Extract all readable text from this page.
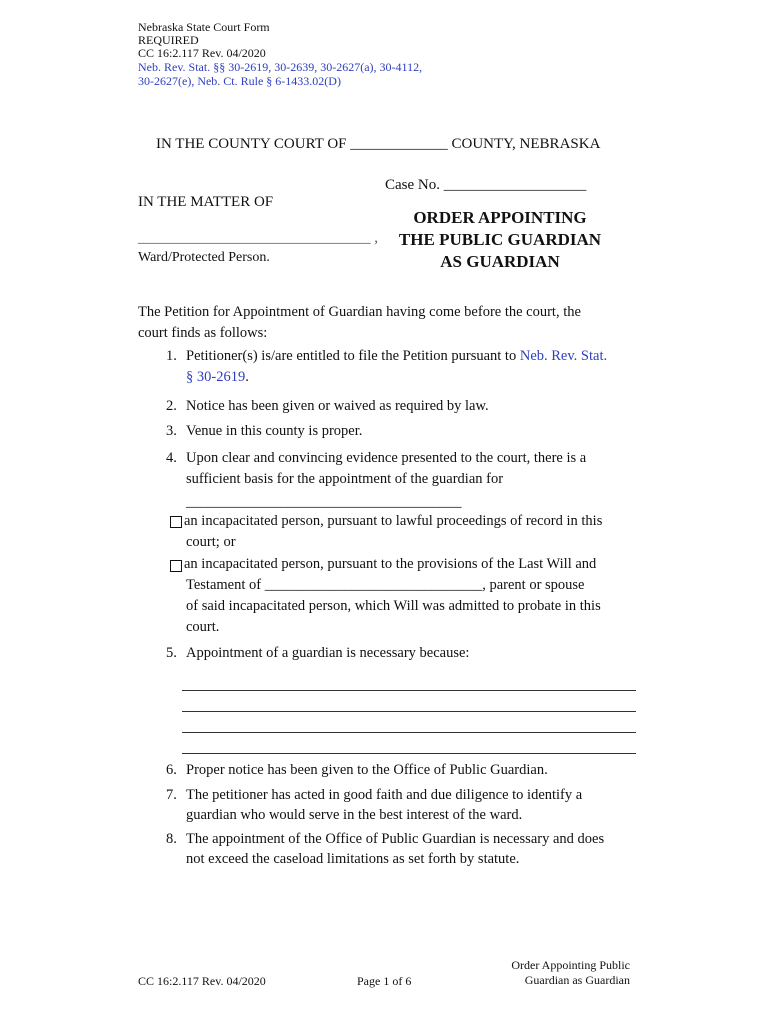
Nebraska State Court Form
REQUIRED
CC 16:2.117 Rev. 04/2020
Neb. Rev. Stat. §§ 30-2619, 30-2639, 30-2627(a), 30-4112,
30-2627(e), Neb. Ct. Rule § 6-1433.02(D)
IN THE COUNTY COURT OF _____________ COUNTY, NEBRASKA
Case No. ___________________
IN THE MATTER OF
_______________________________ ,
Ward/Protected Person.
ORDER APPOINTING
THE PUBLIC GUARDIAN
AS GUARDIAN
The Petition for Appointment of Guardian having come before the court, the
court finds as follows:
1. Petitioner(s) is/are entitled to file the Petition pursuant to Neb. Rev. Stat.
§ 30-2619.
2. Notice has been given or waived as required by law.
3. Venue in this county is proper.
4. Upon clear and convincing evidence presented to the court, there is a
sufficient basis for the appointment of the guardian for
______________________________________
an incapacitated person, pursuant to lawful proceedings of record in this
court; or
an incapacitated person, pursuant to the provisions of the Last Will and
Testament of ______________________________, parent or spouse
of said incapacitated person, which Will was admitted to probate in this
court.
5. Appointment of a guardian is necessary because:
6. Proper notice has been given to the Office of Public Guardian.
7. The petitioner has acted in good faith and due diligence to identify a
guardian who would serve in the best interest of the ward.
8. The appointment of the Office of Public Guardian is necessary and does
not exceed the caseload limitations as set forth by statute.
CC 16:2.117 Rev. 04/2020	Page 1 of 6
Order Appointing Public
Guardian as Guardian
